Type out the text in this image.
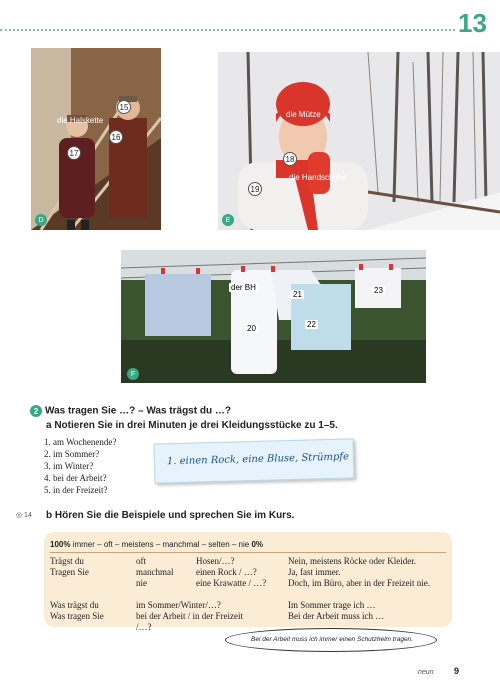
13
die Halskette
15
16
17
D
die Mütze
18
die Handschuhe
19
E
der BH
21
20	22
23
F
2 Was tragen Sie …? – Was trägst du …?
a Notieren Sie in drei Minuten je drei Kleidungsstücke zu 1–5.
1. am Wochenende?
2. im Sommer?
3. im Winter?
4. bei der Arbeit?
5. in der Freizeit?
1. einen Rock, eine Bluse, Strümpfe
◎ 14 b Hören Sie die Beispiele und sprechen Sie im Kurs.
100% immer – oft – meistens – manchmal – selten – nie 0%
Trägst du
Tragen Sie
Was trägst du
Was tragen Sie
oft
manchmal
nie
im Sommer/Winter/…?
bei der Arbeit / in der Freizeit /…?
Hosen/…?
einen Rock / …?
eine Krawatte / …?
Nein, meistens Röcke oder Kleider.
Ja, fast immer.
Doch, im Büro, aber in der Freizeit nie.
Im Sommer trage ich …
Bei der Arbeit muss ich …
Bei der Arbeit muss ich immer einen Schutzhelm tragen.
neun 9
